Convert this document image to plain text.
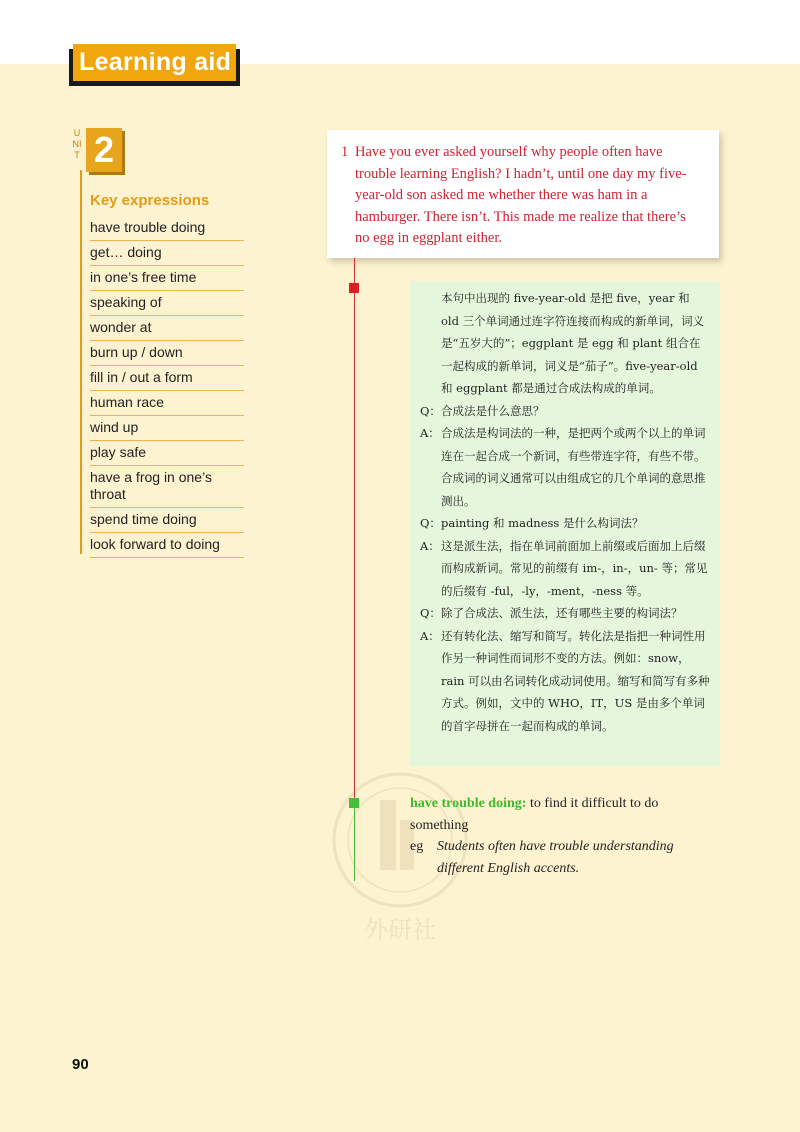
Learning aid
UNIT 2
Key expressions
have trouble doing
get… doing
in one’s free time
speaking of
wonder at
burn up / down
fill in / out a form
human race
wind up
play safe
have a frog in one’s throat
spend time doing
look forward to doing
1 Have you ever asked yourself why people often have trouble learning English? I hadn’t, until one day my five-year-old son asked me whether there was ham in a hamburger. There isn’t. This made me realize that there’s no egg in eggplant either.

本句中出现的 five-year-old 是把 five，year 和 old 三个单词通过连字符连接而构成的新单词，词义是“五岁大的”；eggplant 是 egg 和 plant 组合在一起构成的新单词，词义是“茄子”。five-year-old 和 eggplant 都是通过合成法构成的单词。

Q： 合成法是什么意思？
A： 合成法是构词法的一种，是把两个或两个以上的单词连在一起合成一个新词，有些带连字符，有些不带。合成词的词义通常可以由组成它的几个单词的意思推测出。
Q： painting 和 madness 是什么构词法？
A： 这是派生法，指在单词前面加上前缀或后面加上后缀而构成新词。常见的前缀有 im-，in-，un- 等；常见的后缀有 -ful，-ly，-ment，-ness 等。
Q： 除了合成法、派生法，还有哪些主要的构词法？
A： 还有转化法、缩写和简写。转化法是指把一种词性用作另一种词性而词形不变的方法。例如：snow，rain 可以由名词转化成动词使用。缩写和简写有多种方式。例如，文中的 WHO，IT，US 是由多个单词的首字母拼在一起而构成的单词。
外研社
have trouble doing: to find it difficult to do something
eg Students often have trouble understanding different English accents.
90
